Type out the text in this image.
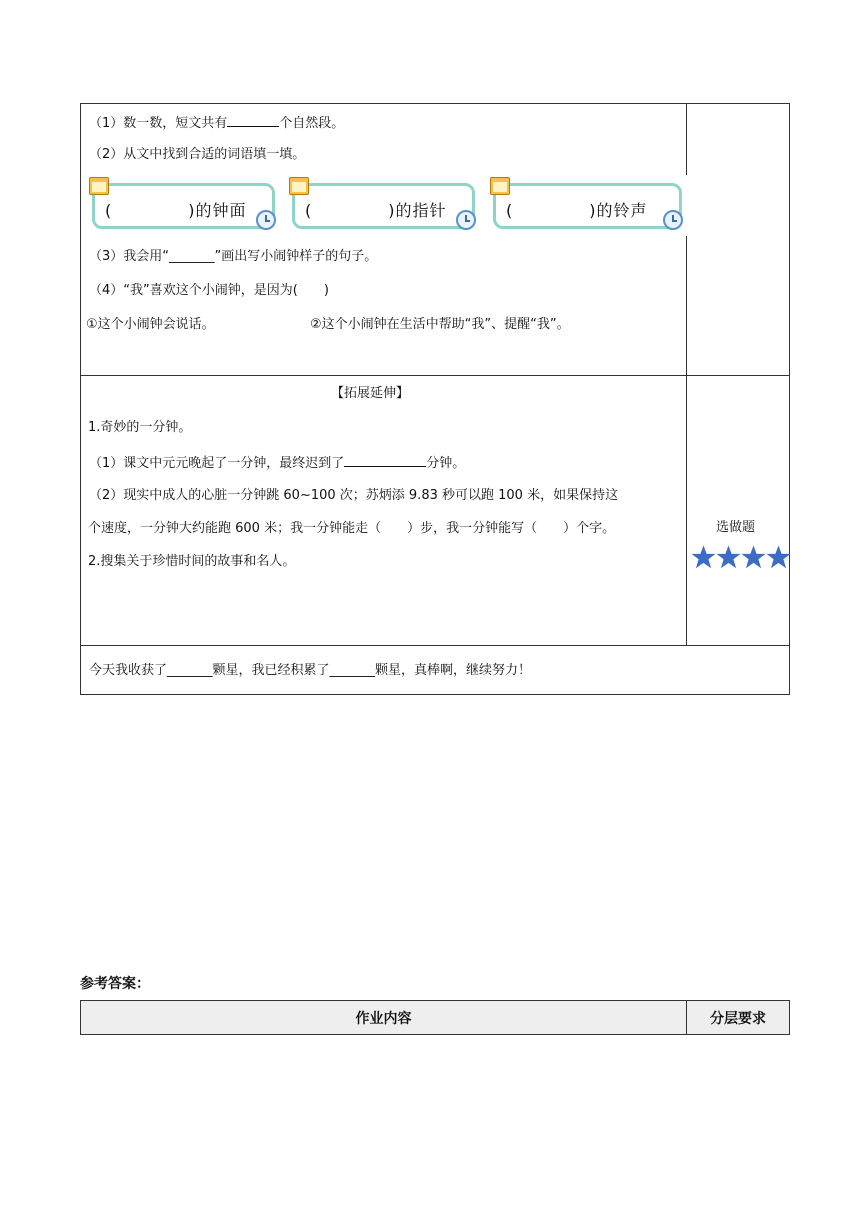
（1）数一数，短文共有	个自然段。
（2）从文中找到合适的词语填一填。
(	)的钟面	(	)的指针	(	)的铃声
（3）我会用“_______”画出写小闹钟样子的句子。
（4）“我”喜欢这个小闹钟，是因为(　　)
①这个小闹钟会说话。	②这个小闹钟在生活中帮助“我”、提醒“我”。
【拓展延伸】
1.奇妙的一分钟。
（1）课文中元元晚起了一分钟，最终迟到了	分钟。
（2）现实中成人的心脏一分钟跳 60~100 次；苏炳添 9.83 秒可以跑 100 米，如果保持这
个速度，一分钟大约能跑 600 米；我一分钟能走（　　）步，我一分钟能写（　　）个字。
2.搜集关于珍惜时间的故事和名人。
选做题
今天我收获了_______颗星，我已经积累了_______颗星，真棒啊，继续努力！
参考答案：
作业内容	分层要求
